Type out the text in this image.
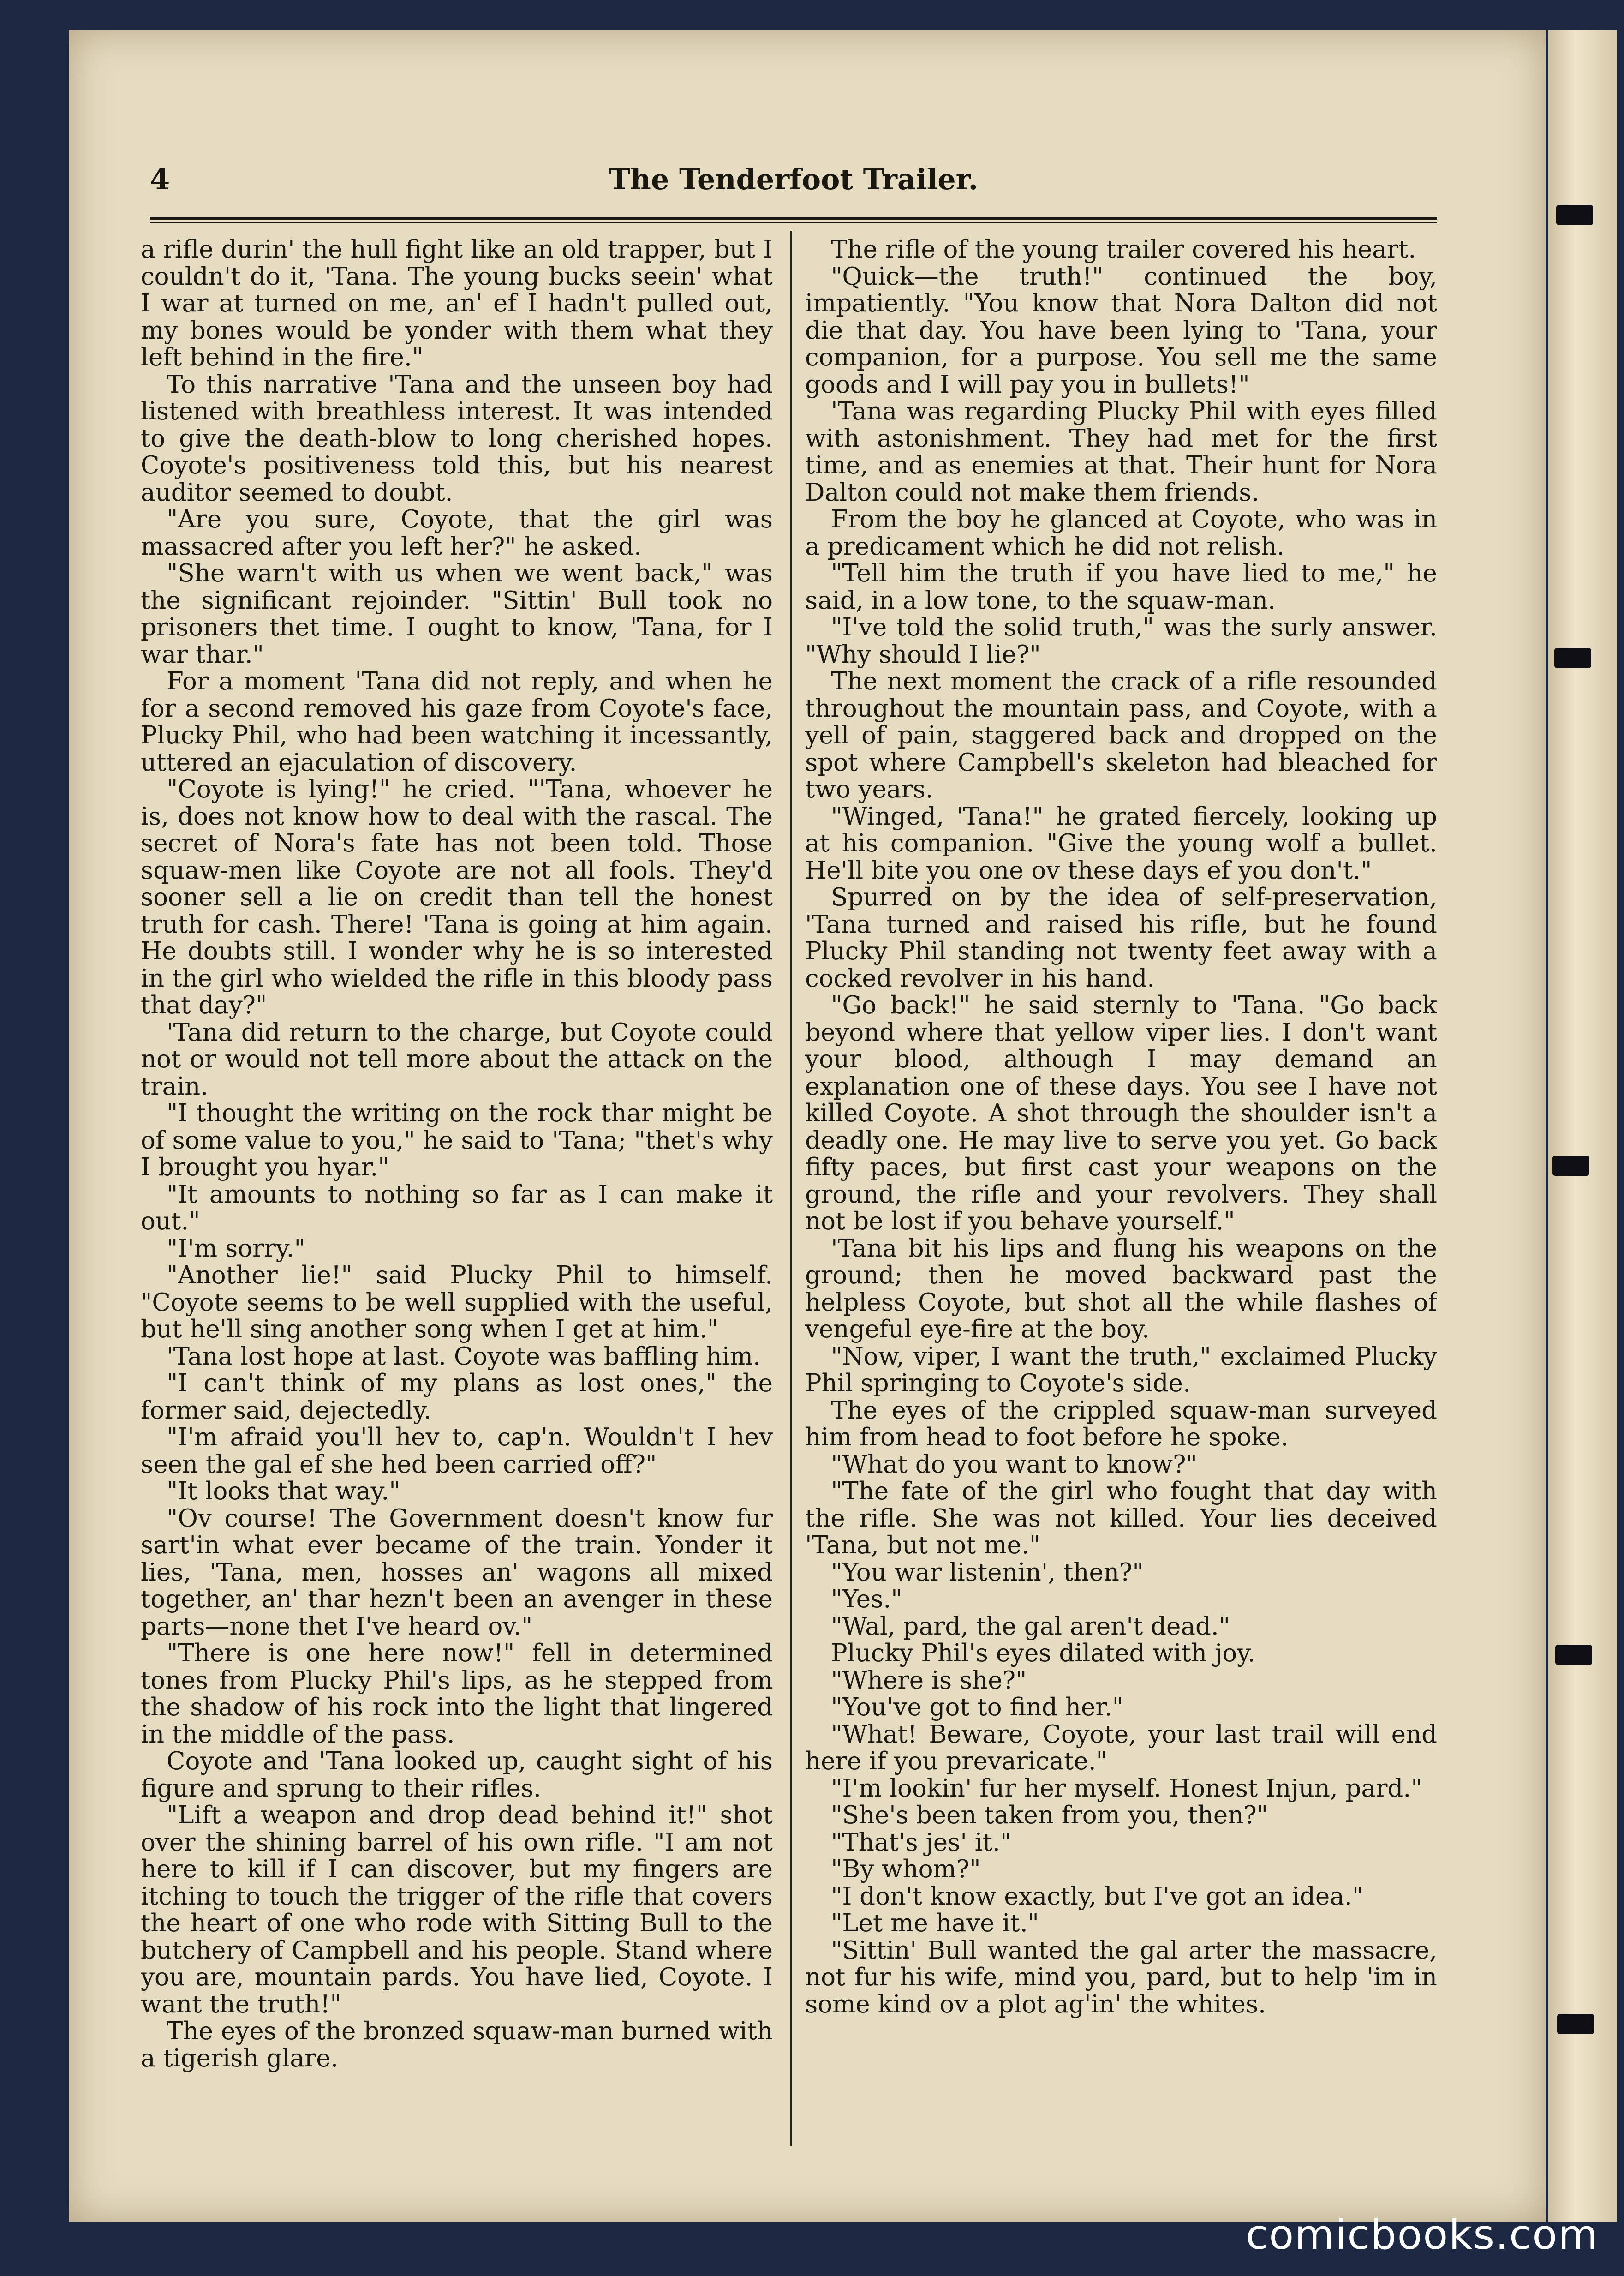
4	The Tenderfoot Trailer.

a rifle durin' the hull fight like an old trapper, but I couldn't do it, 'Tana. The young bucks seein' what I war at turned on me, an' ef I hadn't pulled out, my bones would be yonder with them what they left behind in the fire."

To this narrative 'Tana and the unseen boy had listened with breathless interest. It was intended to give the death-blow to long cherished hopes. Coyote's positiveness told this, but his nearest auditor seemed to doubt.

"Are you sure, Coyote, that the girl was massacred after you left her?" he asked.

"She warn't with us when we went back," was the significant rejoinder. "Sittin' Bull took no prisoners thet time. I ought to know, 'Tana, for I war thar."

For a moment 'Tana did not reply, and when he for a second removed his gaze from Coyote's face, Plucky Phil, who had been watching it incessantly, uttered an ejaculation of discovery.

"Coyote is lying!" he cried. "'Tana, whoever he is, does not know how to deal with the rascal. The secret of Nora's fate has not been told. Those squaw-men like Coyote are not all fools. They'd sooner sell a lie on credit than tell the honest truth for cash. There! 'Tana is going at him again. He doubts still. I wonder why he is so interested in the girl who wielded the rifle in this bloody pass that day?"

'Tana did return to the charge, but Coyote could not or would not tell more about the attack on the train.

"I thought the writing on the rock thar might be of some value to you," he said to 'Tana; "thet's why I brought you hyar."

"It amounts to nothing so far as I can make it out."

"I'm sorry."

"Another lie!" said Plucky Phil to himself. "Coyote seems to be well supplied with the useful, but he'll sing another song when I get at him."

'Tana lost hope at last. Coyote was baffling him.

"I can't think of my plans as lost ones," the former said, dejectedly.

"I'm afraid you'll hev to, cap'n. Wouldn't I hev seen the gal ef she hed been carried off?"

"It looks that way."

"Ov course! The Government doesn't know fur sart'in what ever became of the train. Yonder it lies, 'Tana, men, hosses an' wagons all mixed together, an' thar hezn't been an avenger in these parts—none thet I've heard ov."

"There is one here now!" fell in determined tones from Plucky Phil's lips, as he stepped from the shadow of his rock into the light that lingered in the middle of the pass.

Coyote and 'Tana looked up, caught sight of his figure and sprung to their rifles.

"Lift a weapon and drop dead behind it!" shot over the shining barrel of his own rifle. "I am not here to kill if I can discover, but my fingers are itching to touch the trigger of the rifle that covers the heart of one who rode with Sitting Bull to the butchery of Campbell and his people. Stand where you are, mountain pards. You have lied, Coyote. I want the truth!"

The eyes of the bronzed squaw-man burned with a tigerish glare.

The rifle of the young trailer covered his heart.

"Quick—the truth!" continued the boy, impatiently. "You know that Nora Dalton did not die that day. You have been lying to 'Tana, your companion, for a purpose. You sell me the same goods and I will pay you in bullets!"

'Tana was regarding Plucky Phil with eyes filled with astonishment. They had met for the first time, and as enemies at that. Their hunt for Nora Dalton could not make them friends.

From the boy he glanced at Coyote, who was in a predicament which he did not relish.

"Tell him the truth if you have lied to me," he said, in a low tone, to the squaw-man.

"I've told the solid truth," was the surly answer. "Why should I lie?"

The next moment the crack of a rifle resounded throughout the mountain pass, and Coyote, with a yell of pain, staggered back and dropped on the spot where Campbell's skeleton had bleached for two years.

"Winged, 'Tana!" he grated fiercely, looking up at his companion. "Give the young wolf a bullet. He'll bite you one ov these days ef you don't."

Spurred on by the idea of self-preservation, 'Tana turned and raised his rifle, but he found Plucky Phil standing not twenty feet away with a cocked revolver in his hand.

"Go back!" he said sternly to 'Tana. "Go back beyond where that yellow viper lies. I don't want your blood, although I may demand an explanation one of these days. You see I have not killed Coyote. A shot through the shoulder isn't a deadly one. He may live to serve you yet. Go back fifty paces, but first cast your weapons on the ground, the rifle and your revolvers. They shall not be lost if you behave yourself."

'Tana bit his lips and flung his weapons on the ground; then he moved backward past the helpless Coyote, but shot all the while flashes of vengeful eye-fire at the boy.

"Now, viper, I want the truth," exclaimed Plucky Phil springing to Coyote's side.

The eyes of the crippled squaw-man surveyed him from head to foot before he spoke.

"What do you want to know?"

"The fate of the girl who fought that day with the rifle. She was not killed. Your lies deceived 'Tana, but not me."

"You war listenin', then?"

"Yes."

"Wal, pard, the gal aren't dead."

Plucky Phil's eyes dilated with joy.

"Where is she?"

"You've got to find her."

"What! Beware, Coyote, your last trail will end here if you prevaricate."

"I'm lookin' fur her myself. Honest Injun, pard."

"She's been taken from you, then?"

"That's jes' it."

"By whom?"

"I don't know exactly, but I've got an idea."

"Let me have it."

"Sittin' Bull wanted the gal arter the massacre, not fur his wife, mind you, pard, but to help 'im in some kind ov a plot ag'in' the whites.

comicbooks.com
